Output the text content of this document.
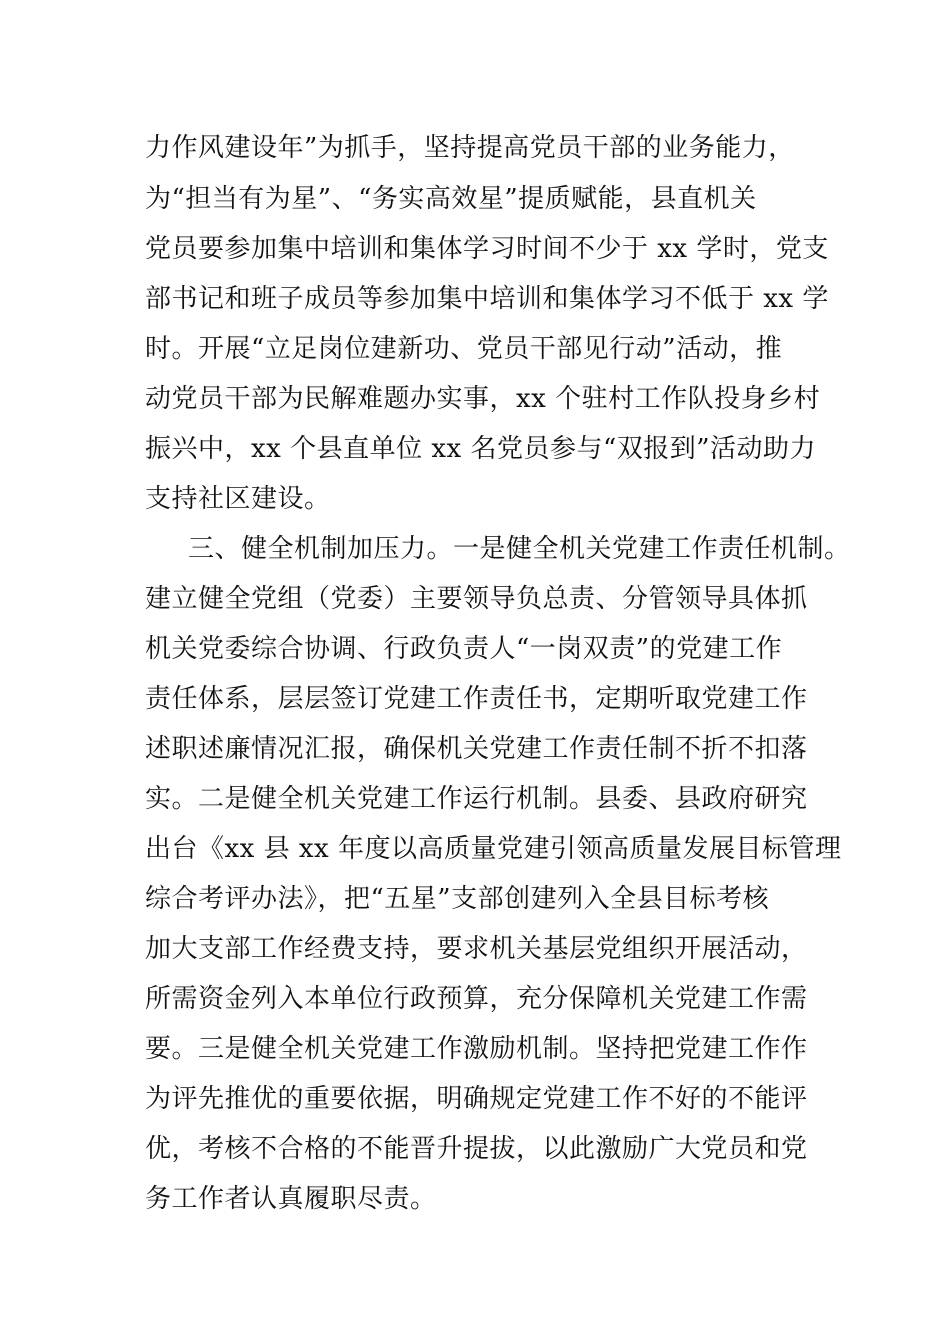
力作风建设年”为抓手，坚持提高党员干部的业务能力，
为“担当有为星”、“务实高效星”提质赋能，县直机关
党员要参加集中培训和集体学习时间不少于 xx 学时，党支
部书记和班子成员等参加集中培训和集体学习不低于 xx 学
时。开展“立足岗位建新功、党员干部见行动”活动，推
动党员干部为民解难题办实事，xx 个驻村工作队投身乡村
振兴中，xx 个县直单位 xx 名党员参与“双报到”活动助力
支持社区建设。
三、健全机制加压力。一是健全机关党建工作责任机制。
建立健全党组（党委）主要领导负总责、分管领导具体抓
机关党委综合协调、行政负责人“一岗双责”的党建工作
责任体系，层层签订党建工作责任书，定期听取党建工作
述职述廉情况汇报，确保机关党建工作责任制不折不扣落
实。二是健全机关党建工作运行机制。县委、县政府研究
出台《xx 县 xx 年度以高质量党建引领高质量发展目标管理
综合考评办法》，把“五星”支部创建列入全县目标考核
加大支部工作经费支持，要求机关基层党组织开展活动，
所需资金列入本单位行政预算，充分保障机关党建工作需
要。三是健全机关党建工作激励机制。坚持把党建工作作
为评先推优的重要依据，明确规定党建工作不好的不能评
优，考核不合格的不能晋升提拔，以此激励广大党员和党
务工作者认真履职尽责。
